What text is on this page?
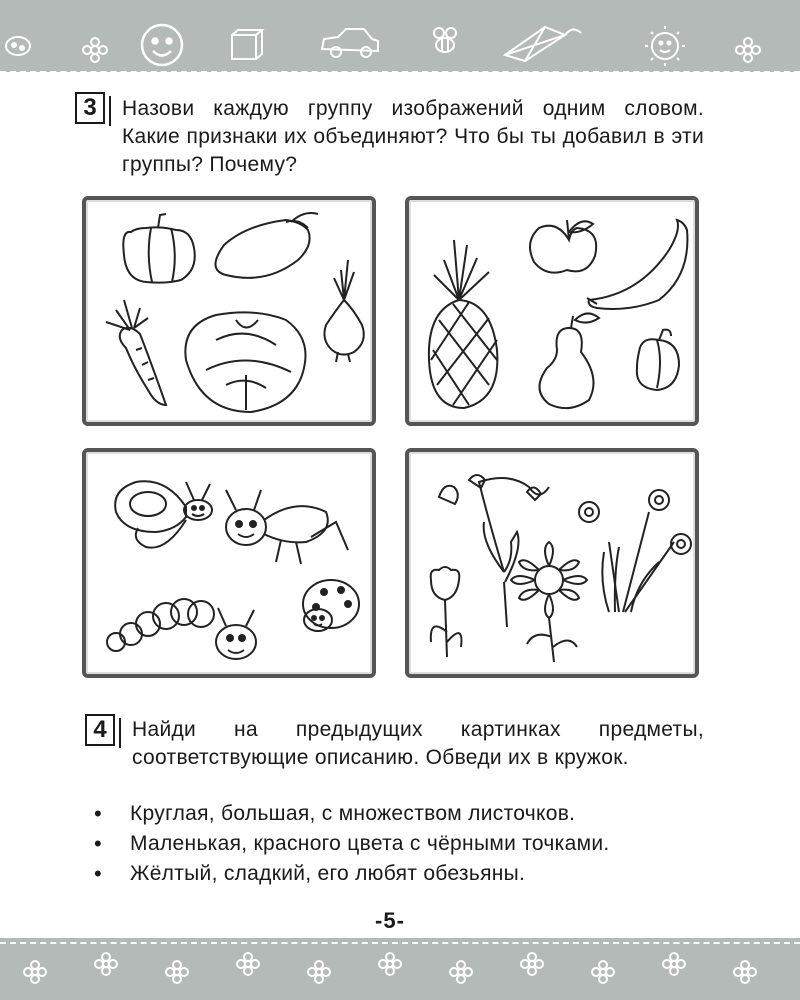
3	Назови каждую группу изображений одним словом. Какие признаки их объединяют? Что бы ты добавил в эти группы? Почему?
4	Найди на предыдущих картинках предметы, соответствующие описанию. Обведи их в кружок.
• Круглая, большая, с множеством листочков.
• Маленькая, красного цвета с чёрными точками.
• Жёлтый, сладкий, его любят обезьяны.
-5-
